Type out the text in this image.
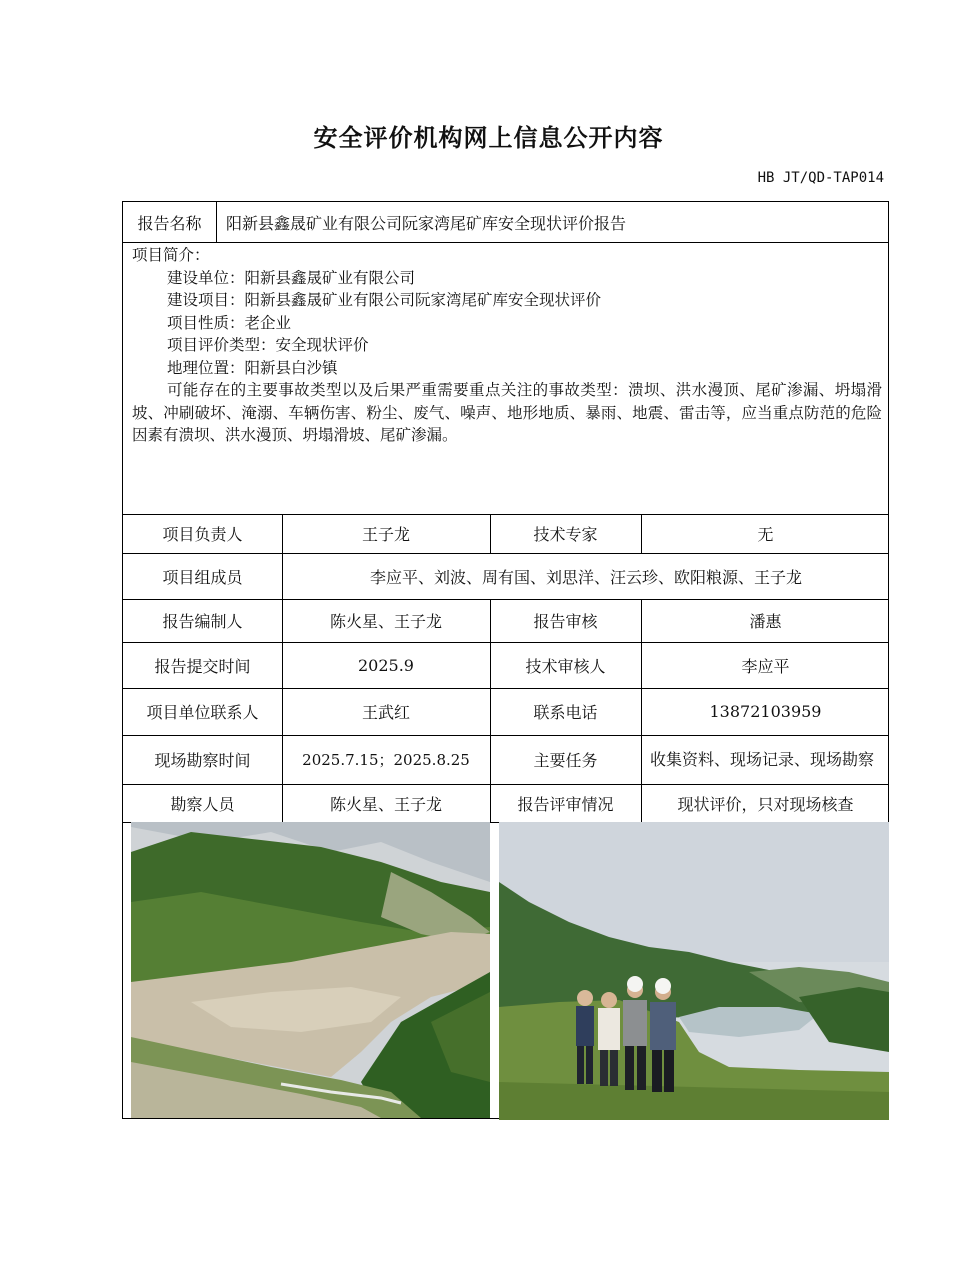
安全评价机构网上信息公开内容
HB JT/QD-TAP014
报告名称	阳新县鑫晟矿业有限公司阮家湾尾矿库安全现状评价报告
项目简介：
建设单位：阳新县鑫晟矿业有限公司
建设项目：阳新县鑫晟矿业有限公司阮家湾尾矿库安全现状评价
项目性质：老企业
项目评价类型：安全现状评价
地理位置：阳新县白沙镇
可能存在的主要事故类型以及后果严重需要重点关注的事故类型：溃坝、洪水漫顶、尾矿渗漏、坍塌滑坡、冲刷破坏、淹溺、车辆伤害、粉尘、废气、噪声、地形地质、暴雨、地震、雷击等，应当重点防范的危险因素有溃坝、洪水漫顶、坍塌滑坡、尾矿渗漏。
项目负责人	王子龙	技术专家	无
项目组成员	李应平、刘波、周有国、刘思洋、汪云珍、欧阳粮源、王子龙
报告编制人	陈火星、王子龙	报告审核	潘惠
报告提交时间	2025.9	技术审核人	李应平
项目单位联系人	王武红	联系电话	13872103959
现场勘察时间	2025.7.15；2025.8.25	主要任务	收集资料、现场记录、现场勘察
勘察人员	陈火星、王子龙	报告评审情况	现状评价，只对现场核查
